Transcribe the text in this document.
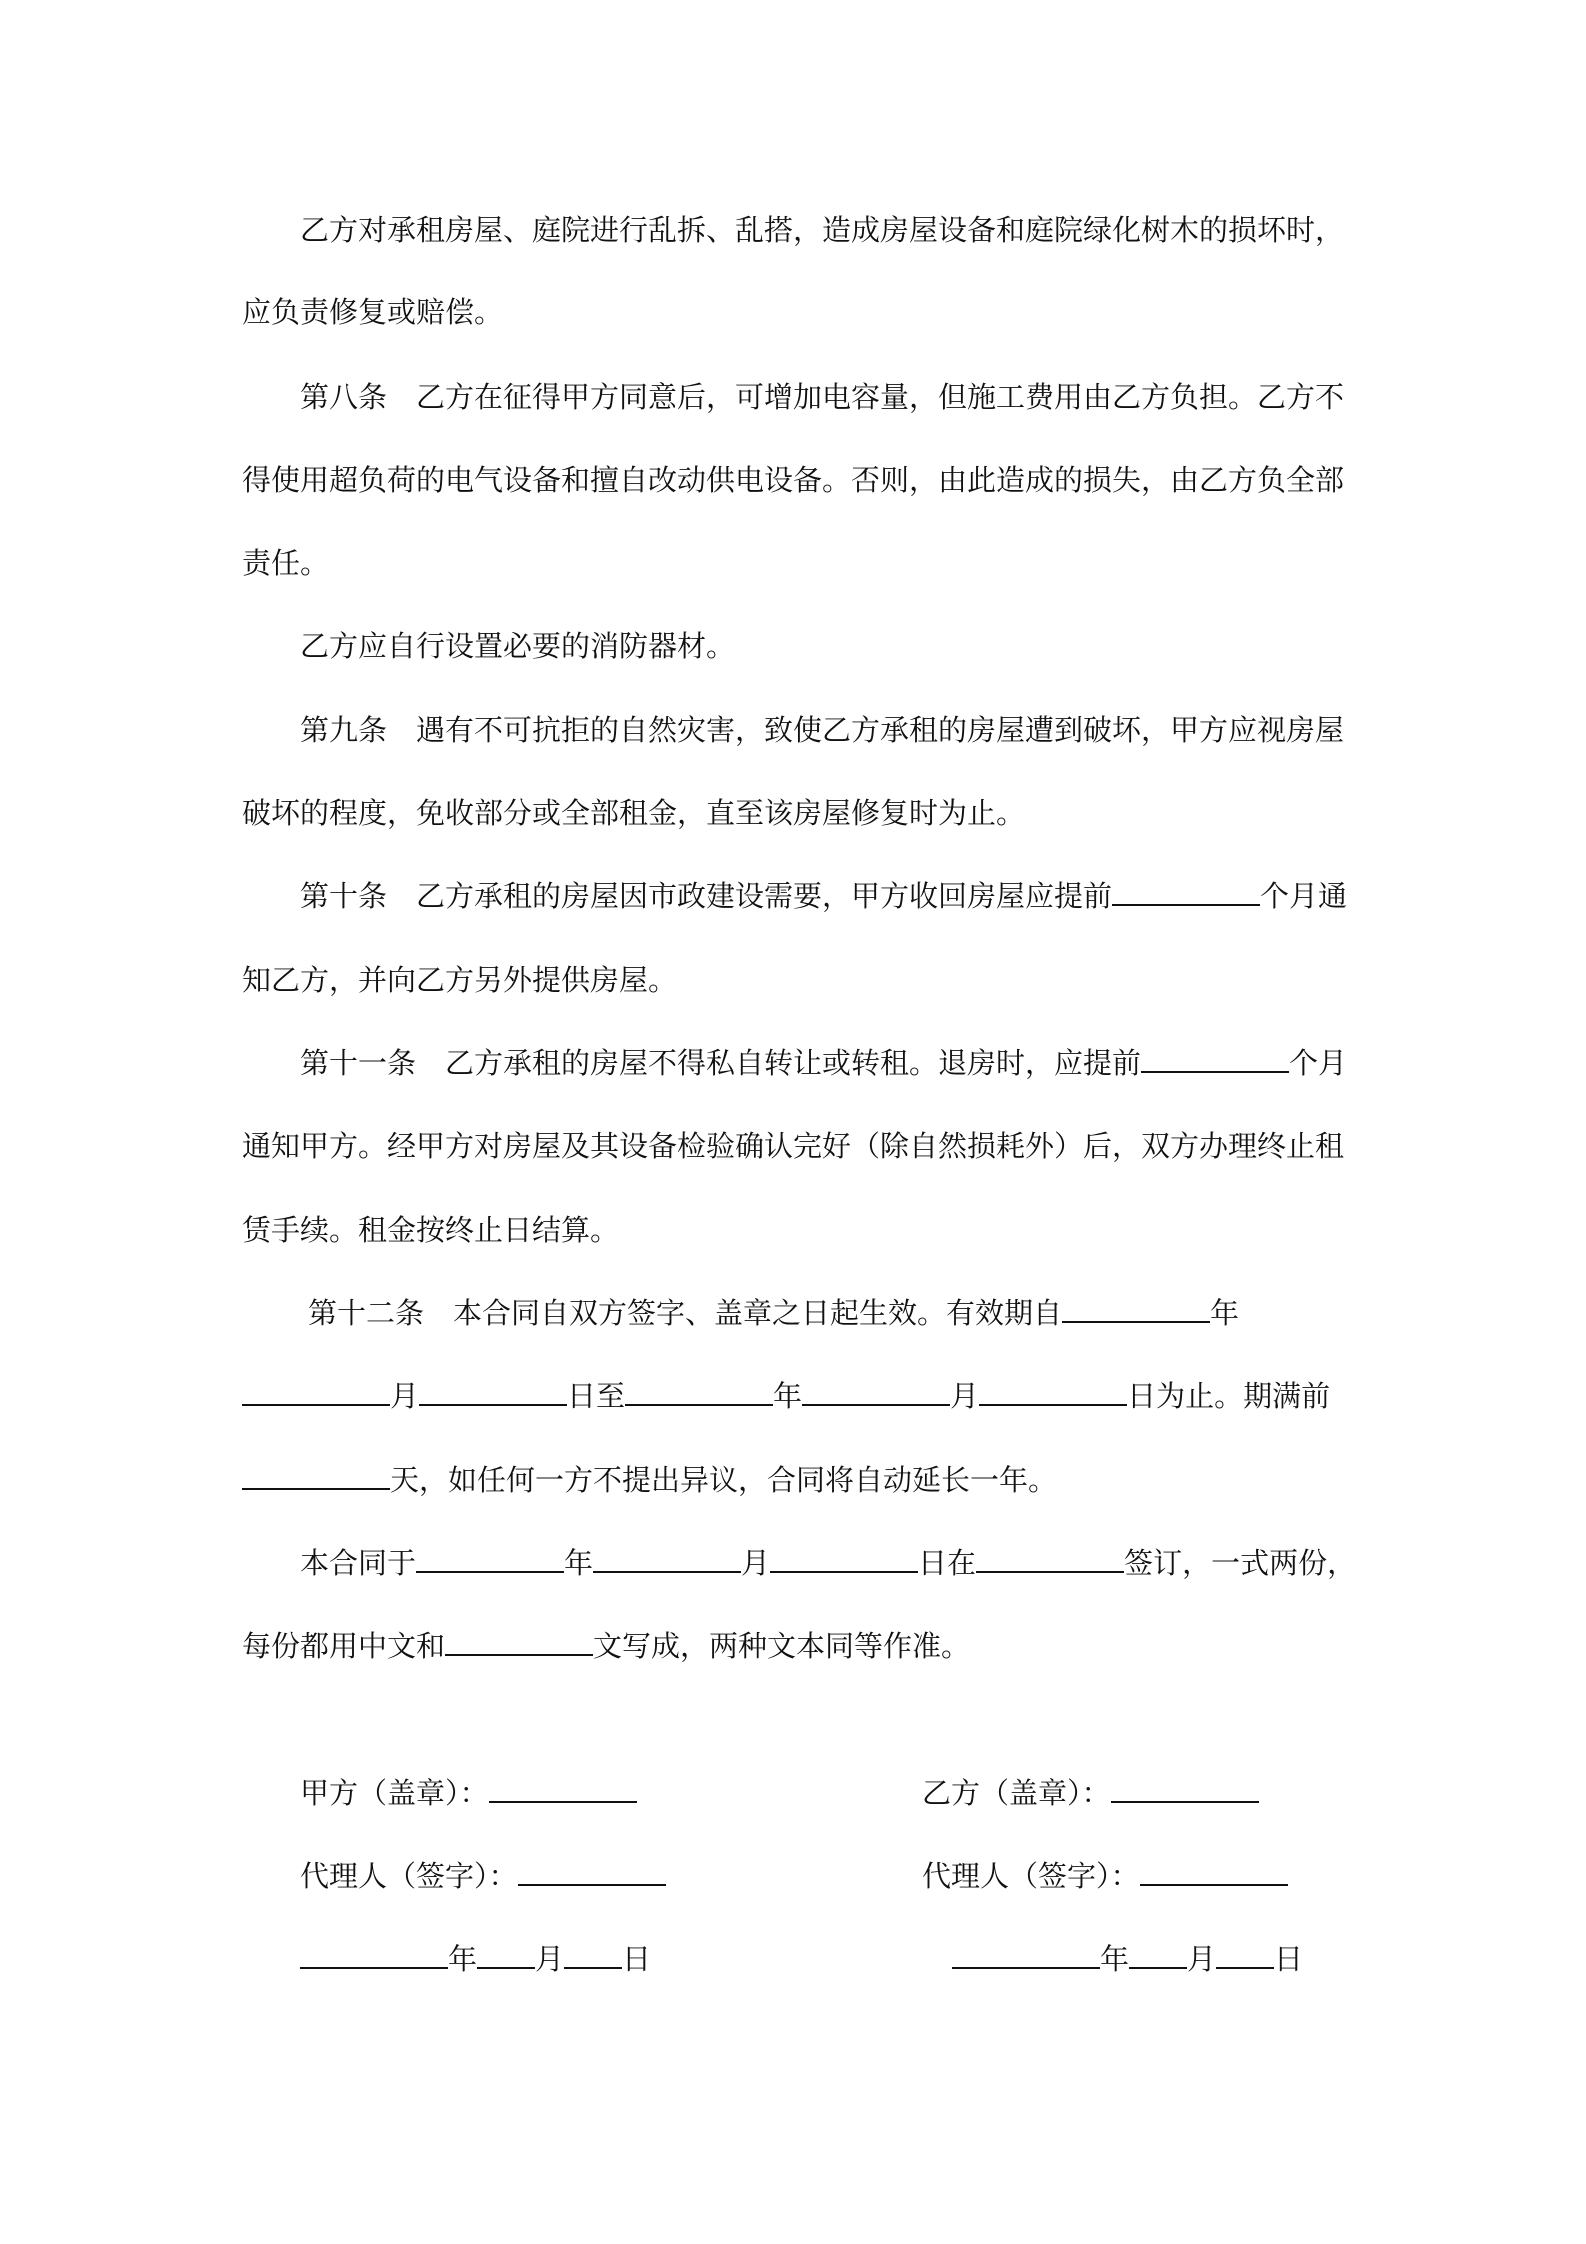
乙方对承租房屋、庭院进行乱拆、乱搭，造成房屋设备和庭院绿化树木的损坏时，
应负责修复或赔偿。
第八条　乙方在征得甲方同意后，可增加电容量，但施工费用由乙方负担。乙方不
得使用超负荷的电气设备和擅自改动供电设备。否则，由此造成的损失，由乙方负全部
责任。
乙方应自行设置必要的消防器材。
第九条　遇有不可抗拒的自然灾害，致使乙方承租的房屋遭到破坏，甲方应视房屋
破坏的程度，免收部分或全部租金，直至该房屋修复时为止。
第十条　乙方承租的房屋因市政建设需要，甲方收回房屋应提前	个月通
知乙方，并向乙方另外提供房屋。
第十一条　乙方承租的房屋不得私自转让或转租。退房时，应提前	个月
通知甲方。经甲方对房屋及其设备检验确认完好（除自然损耗外）后，双方办理终止租
赁手续。租金按终止日结算。
第十二条　本合同自双方签字、盖章之日起生效。有效期自	年
月	日至	年	月	日为止。期满前
天，如任何一方不提出异议，合同将自动延长一年。
本合同于	年	月	日在	签订，一式两份，
每份都用中文和	文写成，两种文本同等作准。
甲方（盖章）：	乙方（盖章）：
代理人（签字）：	代理人（签字）：
年 月 日	年 月 日
